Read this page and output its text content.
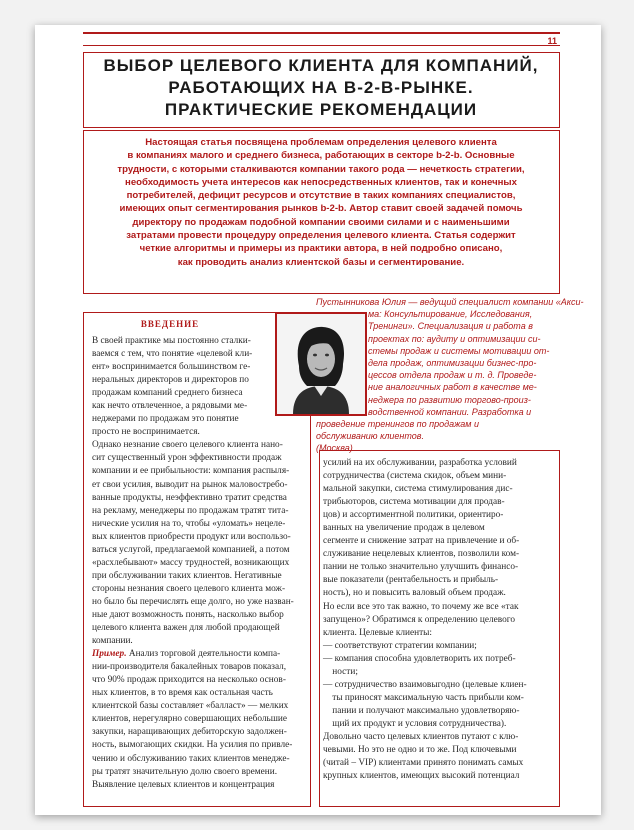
11
ВЫБОР ЦЕЛЕВОГО КЛИЕНТА ДЛЯ КОМПАНИЙ,
РАБОТАЮЩИХ НА B-2-B-РЫНКЕ.
ПРАКТИЧЕСКИЕ РЕКОМЕНДАЦИИ
Настоящая статья посвящена проблемам определения целевого клиента
в компаниях малого и среднего бизнеса, работающих в секторе b-2-b. Основные
трудности, с которыми сталкиваются компании такого рода — нечеткость стратегии,
необходимость учета интересов как непосредственных клиентов, так и конечных
потребителей, дефицит ресурсов и отсутствие в таких компаниях специалистов,
имеющих опыт сегментирования рынков b-2-b. Автор ставит своей задачей помочь
директору по продажам подобной компании своими силами и с наименьшими
затратами провести процедуру определения целевого клиента. Статья содержит
четкие алгоритмы и примеры из практики автора, в ней подробно описано,
как проводить анализ клиентской базы и сегментирование.
Пустынникова Юлия — ведущий специалист компании «Акси-
ма: Консультирование, Исследования,
Тренинги». Специализация и работа в
проектах по: аудиту и оптимизации си-
стемы продаж и системы мотивации от-
дела продаж, оптимизации бизнес-про-
цессов отдела продаж и т. д. Проведе-
ние аналогичных работ в качестве ме-
неджера по развитию торгово-произ-
водственной компании. Разработка и
проведение тренингов по продажам и
обслуживанию клиентов.
(Москва)
ВВЕДЕНИЕ
В своей практике мы постоянно сталки-
ваемся с тем, что понятие «целевой кли-
ент» воспринимается большинством ге-
неральных директоров и директоров по
продажам компаний среднего бизнеса
как нечто отвлеченное, а рядовыми ме-
неджерами по продажам это понятие
просто не воспринимается.
Однако незнание своего целевого клиента нано-
сит существенный урон эффективности продаж
компании и ее прибыльности: компания распыля-
ет свои усилия, выводит на рынок маловостребо-
ванные продукты, неэффективно тратит средства
на рекламу, менеджеры по продажам тратят тита-
нические усилия на то, чтобы «уломать» нецеле-
вых клиентов приобрести продукт или воспользо-
ваться услугой, предлагаемой компанией, а потом
«расхлебывают» массу трудностей, возникающих
при обслуживании таких клиентов. Негативные
стороны незнания своего целевого клиента мож-
но было бы перечислять еще долго, но уже назван-
ные дают возможность понять, насколько выбор
целевого клиента важен для любой продающей
компании.
Пример. Анализ торговой деятельности компа-
нии-производителя бакалейных товаров показал,
что 90% продаж приходится на несколько основ-
ных клиентов, в то время как остальная часть
клиентской базы составляет «балласт» — мелких
клиентов, нерегулярно совершающих небольшие
закупки, наращивающих дебиторскую задолжен-
ность, вымогающих скидки. На усилия по привле-
чению и обслуживанию таких клиентов менедже-
ры тратят значительную долю своего времени.
Выявление целевых клиентов и концентрация
усилий на их обслуживании, разработка условий
сотрудничества (система скидок, объем мини-
мальной закупки, система стимулирования дис-
трибьюторов, система мотивации для продав-
цов) и ассортиментной политики, ориентиро-
ванных на увеличение продаж в целевом
сегменте и снижение затрат на привлечение и об-
служивание нецелевых клиентов, позволили ком-
пании не только значительно улучшить финансо-
вые показатели (рентабельность и прибыль-
ность), но и повысить валовый объем продаж.
Но если все это так важно, то почему же все «так
запущено»? Обратимся к определению целевого
клиента. Целевые клиенты:
— соответствуют стратегии компании;
— компания способна удовлетворить их потреб-
ности;
— сотрудничество взаимовыгодно (целевые клиен-
ты приносят максимальную часть прибыли ком-
пании и получают максимально удовлетворяю-
щий их продукт и условия сотрудничества).
Довольно часто целевых клиентов путают с клю-
чевыми. Но это не одно и то же. Под ключевыми
(читай – VIP) клиентами принято понимать самых
крупных клиентов, имеющих высокий потенциал
